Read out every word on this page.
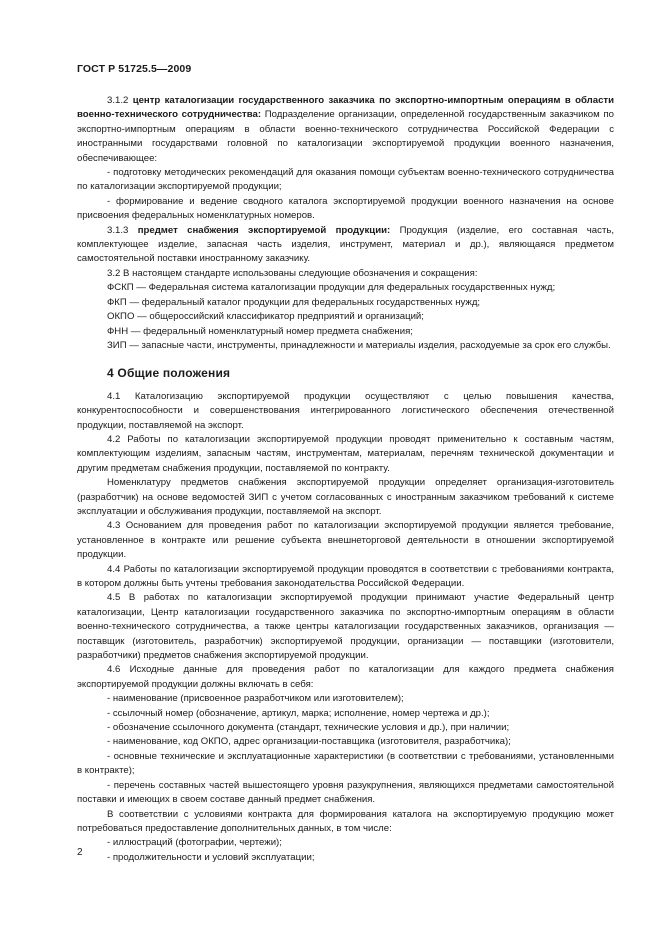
ГОСТ Р 51725.5—2009

3.1.2 центр каталогизации государственного заказчика по экспортно-импортным операциям в области военно-технического сотрудничества: Подразделение организации, определенной государственным заказчиком по экспортно-импортным операциям в области военно-технического сотрудничества Российской Федерации с иностранными государствами головной по каталогизации экспортируемой продукции военного назначения, обеспечивающее:

- подготовку методических рекомендаций для оказания помощи субъектам военно-технического сотрудничества по каталогизации экспортируемой продукции;

- формирование и ведение сводного каталога экспортируемой продукции военного назначения на основе присвоения федеральных номенклатурных номеров.

3.1.3 предмет снабжения экспортируемой продукции: Продукция (изделие, его составная часть, комплектующее изделие, запасная часть изделия, инструмент, материал и др.), являющаяся предметом самостоятельной поставки иностранному заказчику.

3.2 В настоящем стандарте использованы следующие обозначения и сокращения:

ФСКП — Федеральная система каталогизации продукции для федеральных государственных нужд;

ФКП — федеральный каталог продукции для федеральных государственных нужд;

ОКПО — общероссийский классификатор предприятий и организаций;

ФНН — федеральный номенклатурный номер предмета снабжения;

ЗИП — запасные части, инструменты, принадлежности и материалы изделия, расходуемые за срок его службы.

4 Общие положения

4.1 Каталогизацию экспортируемой продукции осуществляют с целью повышения качества, конкурентоспособности и совершенствования интегрированного логистического обеспечения отечественной продукции, поставляемой на экспорт.

4.2 Работы по каталогизации экспортируемой продукции проводят применительно к составным частям, комплектующим изделиям, запасным частям, инструментам, материалам, перечням технической документации и другим предметам снабжения продукции, поставляемой по контракту.

Номенклатуру предметов снабжения экспортируемой продукции определяет организация-изготовитель (разработчик) на основе ведомостей ЗИП с учетом согласованных с иностранным заказчиком требований к системе эксплуатации и обслуживания продукции, поставляемой на экспорт.

4.3 Основанием для проведения работ по каталогизации экспортируемой продукции является требование, установленное в контракте или решение субъекта внешнеторговой деятельности в отношении экспортируемой продукции.

4.4 Работы по каталогизации экспортируемой продукции проводятся в соответствии с требованиями контракта, в котором должны быть учтены требования законодательства Российской Федерации.

4.5 В работах по каталогизации экспортируемой продукции принимают участие Федеральный центр каталогизации, Центр каталогизации государственного заказчика по экспортно-импортным операциям в области военно-технического сотрудничества, а также центры каталогизации государственных заказчиков, организация — поставщик (изготовитель, разработчик) экспортируемой продукции, организации — поставщики (изготовители, разработчики) предметов снабжения экспортируемой продукции.

4.6 Исходные данные для проведения работ по каталогизации для каждого предмета снабжения экспортируемой продукции должны включать в себя:

- наименование (присвоенное разработчиком или изготовителем);

- ссылочный номер (обозначение, артикул, марка; исполнение, номер чертежа и др.);

- обозначение ссылочного документа (стандарт, технические условия и др.), при наличии;

- наименование, код ОКПО, адрес организации-поставщика (изготовителя, разработчика);

- основные технические и эксплуатационные характеристики (в соответствии с требованиями, установленными в контракте);

- перечень составных частей вышестоящего уровня разукрупнения, являющихся предметами самостоятельной поставки и имеющих в своем составе данный предмет снабжения.

В соответствии с условиями контракта для формирования каталога на экспортируемую продукцию может потребоваться предоставление дополнительных данных, в том числе:

- иллюстраций (фотографии, чертежи);

- продолжительности и условий эксплуатации;

2
